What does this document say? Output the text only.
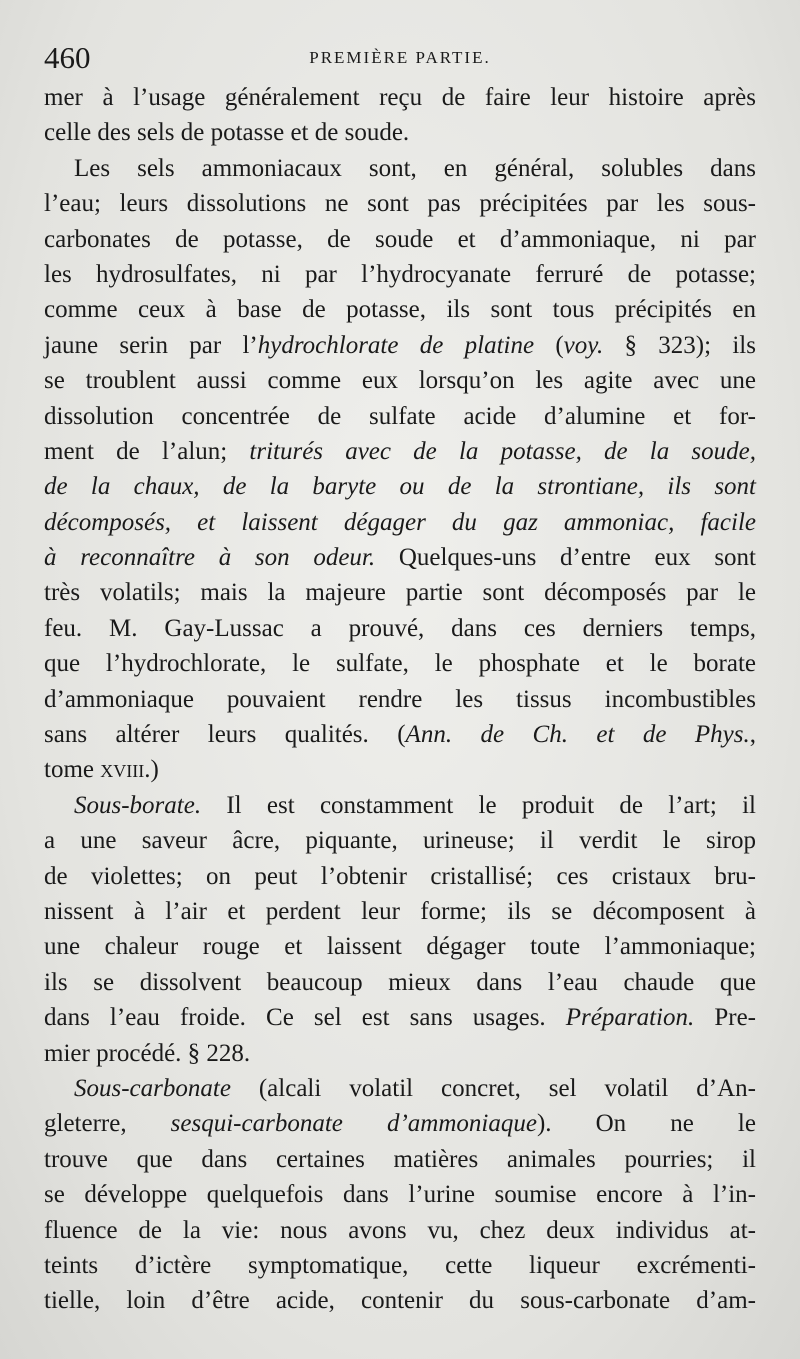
460	PREMIÈRE PARTIE.
mer à l’usage généralement reçu de faire leur histoire après
celle des sels de potasse et de soude.
Les sels ammoniacaux sont, en général, solubles dans
l’eau; leurs dissolutions ne sont pas précipitées par les sous-
carbonates de potasse, de soude et d’ammoniaque, ni par
les hydrosulfates, ni par l’hydrocyanate ferruré de potasse;
comme ceux à base de potasse, ils sont tous précipités en
jaune serin par l’hydrochlorate de platine (voy. § 323); ils
se troublent aussi comme eux lorsqu’on les agite avec une
dissolution concentrée de sulfate acide d’alumine et for-
ment de l’alun; triturés avec de la potasse, de la soude,
de la chaux, de la baryte ou de la strontiane, ils sont
décomposés, et laissent dégager du gaz ammoniac, facile
à reconnaître à son odeur. Quelques-uns d’entre eux sont
très volatils; mais la majeure partie sont décomposés par le
feu. M. Gay-Lussac a prouvé, dans ces derniers temps,
que l’hydrochlorate, le sulfate, le phosphate et le borate
d’ammoniaque pouvaient rendre les tissus incombustibles
sans altérer leurs qualités. (Ann. de Ch. et de Phys.,
tome xviii.)
Sous-borate. Il est constamment le produit de l’art; il
a une saveur âcre, piquante, urineuse; il verdit le sirop
de violettes; on peut l’obtenir cristallisé; ces cristaux bru-
nissent à l’air et perdent leur forme; ils se décomposent à
une chaleur rouge et laissent dégager toute l’ammoniaque;
ils se dissolvent beaucoup mieux dans l’eau chaude que
dans l’eau froide. Ce sel est sans usages. Préparation. Pre-
mier procédé. § 228.
Sous-carbonate (alcali volatil concret, sel volatil d’An-
gleterre, sesqui-carbonate d’ammoniaque). On ne le
trouve que dans certaines matières animales pourries; il
se développe quelquefois dans l’urine soumise encore à l’in-
fluence de la vie: nous avons vu, chez deux individus at-
teints d’ictère symptomatique, cette liqueur excrémenti-
tielle, loin d’être acide, contenir du sous-carbonate d’am-
